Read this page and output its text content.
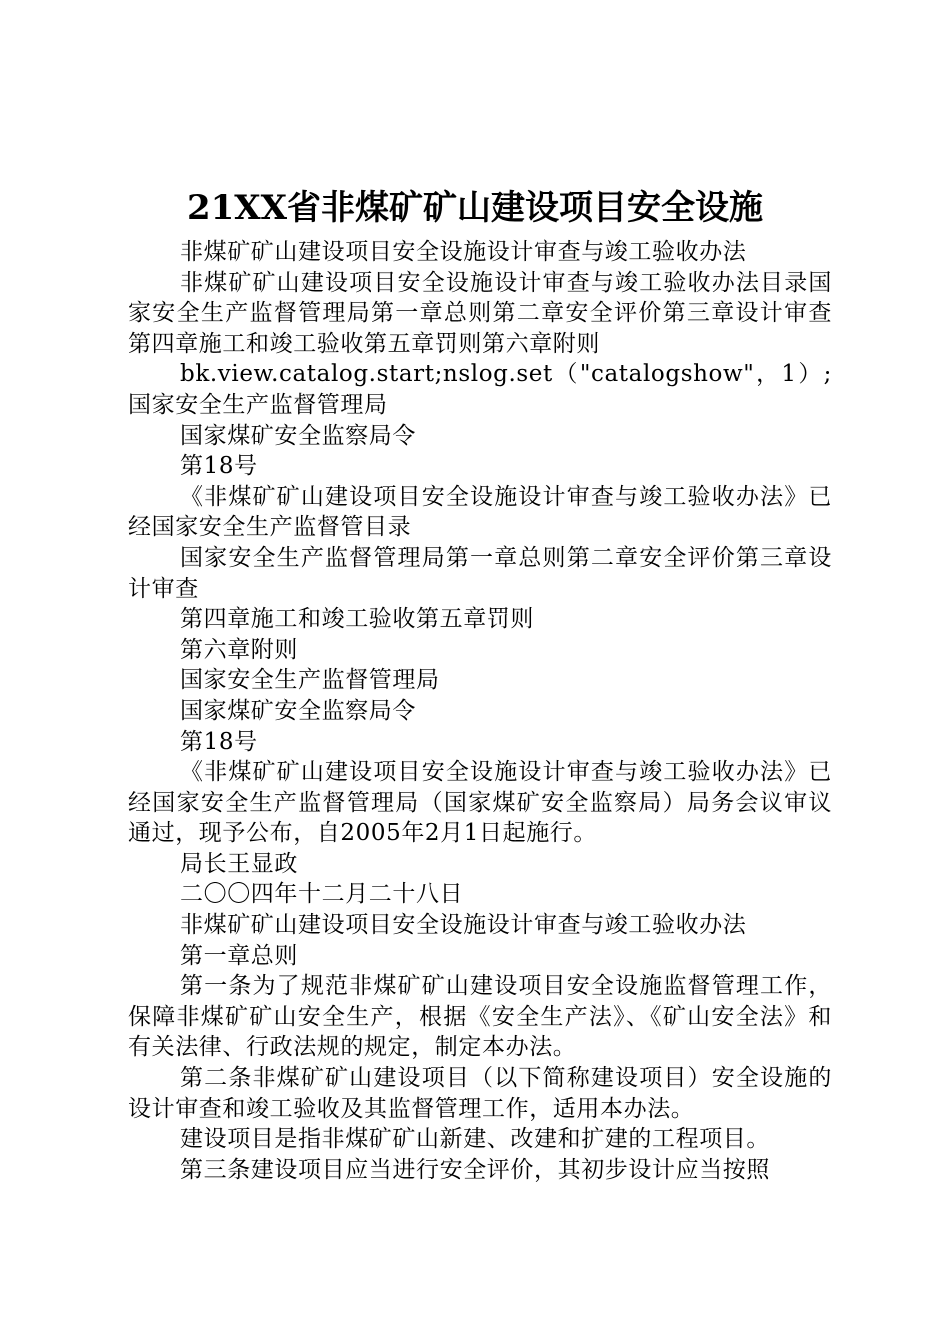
21XX省非煤矿矿山建设项目安全设施

非煤矿矿山建设项目安全设施设计审查与竣工验收办法

非煤矿矿山建设项目安全设施设计审查与竣工验收办法目录国家安全生产监督管理局第一章总则第二章安全评价第三章设计审查第四章施工和竣工验收第五章罚则第六章附则

bk.view.catalog.start;nslog.set（"catalogshow"，1）;国家安全生产监督管理局

国家煤矿安全监察局令

第18号

《非煤矿矿山建设项目安全设施设计审查与竣工验收办法》已经国家安全生产监督管目录

国家安全生产监督管理局第一章总则第二章安全评价第三章设计审查

第四章施工和竣工验收第五章罚则

第六章附则

国家安全生产监督管理局

国家煤矿安全监察局令

第18号

《非煤矿矿山建设项目安全设施设计审查与竣工验收办法》已经国家安全生产监督管理局（国家煤矿安全监察局）局务会议审议通过，现予公布，自2005年2月1日起施行。

局长王显政

二〇〇四年十二月二十八日

非煤矿矿山建设项目安全设施设计审查与竣工验收办法

第一章总则

第一条为了规范非煤矿矿山建设项目安全设施监督管理工作，保障非煤矿矿山安全生产，根据《安全生产法》、《矿山安全法》和有关法律、行政法规的规定，制定本办法。

第二条非煤矿矿山建设项目（以下简称建设项目）安全设施的设计审查和竣工验收及其监督管理工作，适用本办法。

建设项目是指非煤矿矿山新建、改建和扩建的工程项目。

第三条建设项目应当进行安全评价，其初步设计应当按照
